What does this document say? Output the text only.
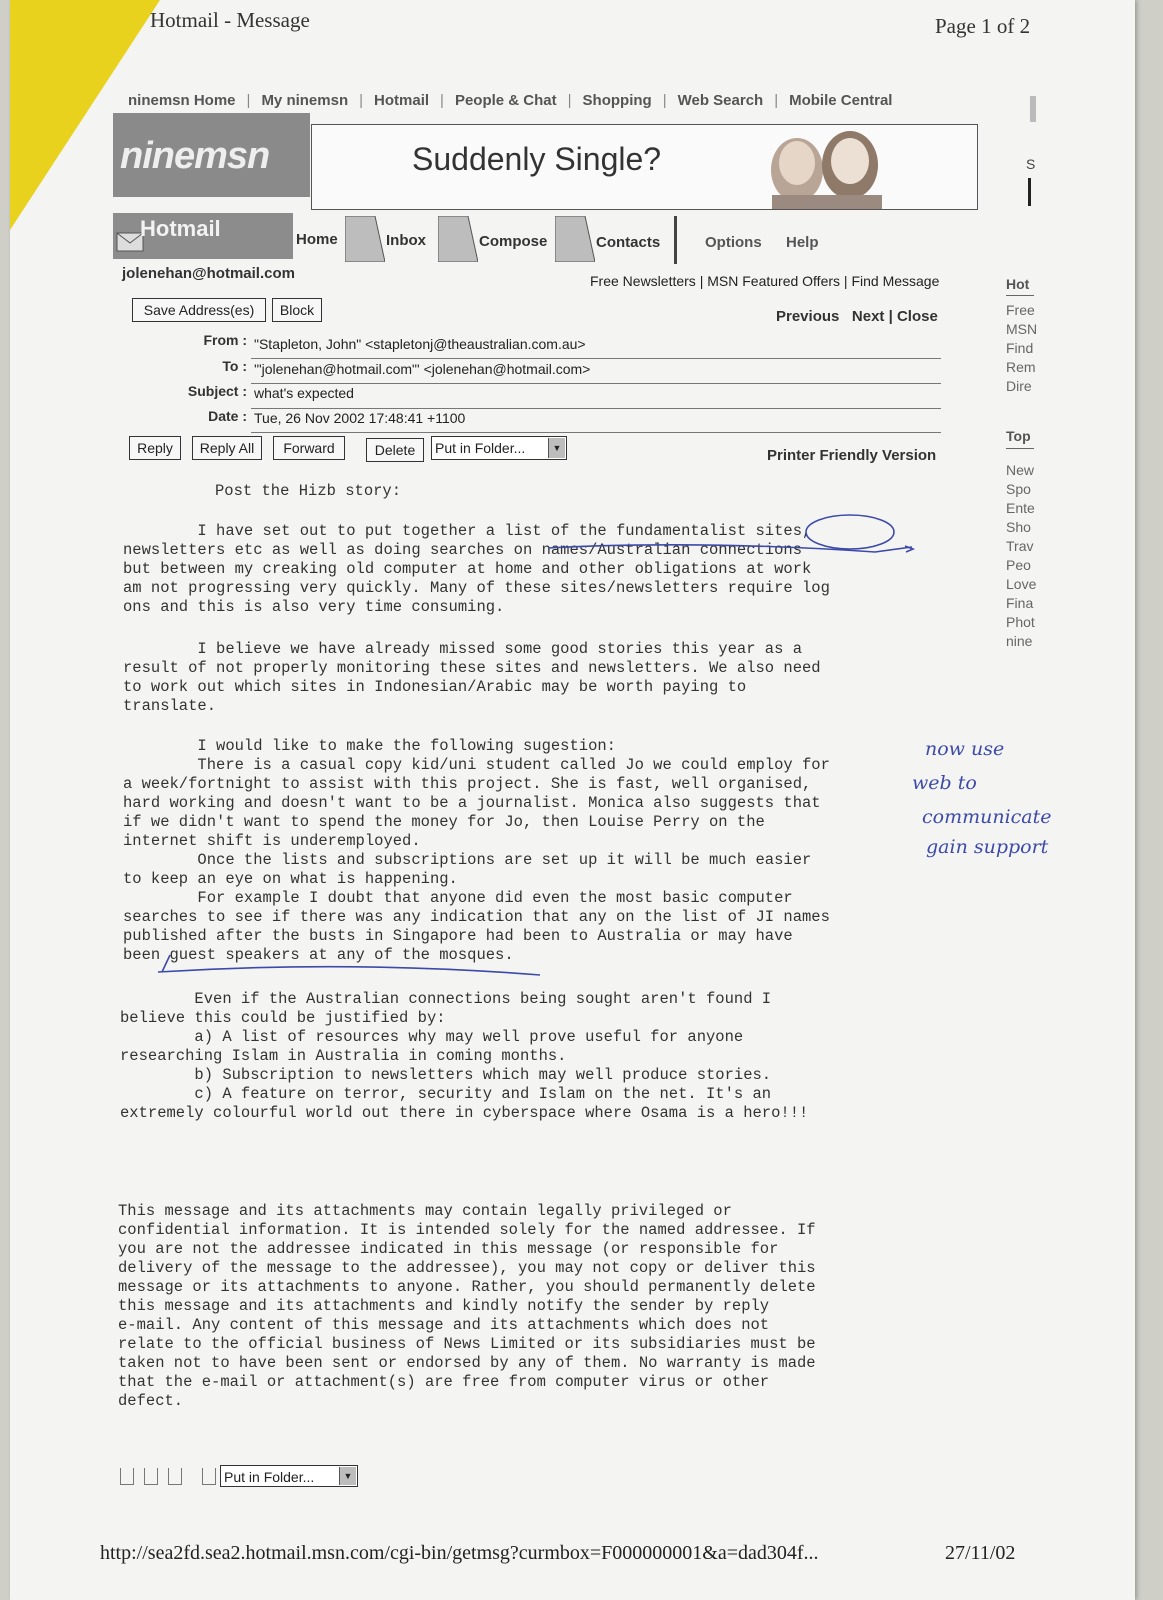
Hotmail - Message	Page 1 of 2
ninemsn Home | My ninemsn | Hotmail | People & Chat | Shopping | Web Search | Mobile Central
ninemsn	Suddenly Single?	S
Hotmail	Home	Inbox	Compose	Contacts	Options Help
jolenehan@hotmail.com	Free Newsletters | MSN Featured Offers | Find Message
Save Address(es)	Block	Previous Next | Close
From : "Stapleton, John" <stapletonj@theaustralian.com.au>
To : '"jolenehan@hotmail.com"' <jolenehan@hotmail.com>
Subject : what's expected
Date : Tue, 26 Nov 2002 17:48:41 +1100
Reply	Reply All	Forward	Delete	Put in Folder...	▼	Printer Friendly Version
Hot
Free
MSN
Find
Rem
Dire
Top
New
Spo
Ente
Sho
Trav
Peo
Love
Fina
Phot
nine
Post the Hizb story:
I have set out to put together a list of the fundamentalist sites,
newsletters etc as well as doing searches on names/Australian connections
but between my creaking old computer at home and other obligations at work
am not progressing very quickly. Many of these sites/newsletters require log
ons and this is also very time consuming.
I believe we have already missed some good stories this year as a
result of not properly monitoring these sites and newsletters. We also need
to work out which sites in Indonesian/Arabic may be worth paying to
translate.
I would like to make the following sugestion:
There is a casual copy kid/uni student called Jo we could employ for
a week/fortnight to assist with this project. She is fast, well organised,
hard working and doesn't want to be a journalist. Monica also suggests that
if we didn't want to spend the money for Jo, then Louise Perry on the
internet shift is underemployed.
Once the lists and subscriptions are set up it will be much easier
to keep an eye on what is happening.
For example I doubt that anyone did even the most basic computer
searches to see if there was any indication that any on the list of JI names
published after the busts in Singapore had been to Australia or may have
been guest speakers at any of the mosques.
Even if the Australian connections being sought aren't found I
believe this could be justified by:
a) A list of resources why may well prove useful for anyone
researching Islam in Australia in coming months.
b) Subscription to newsletters which may well produce stories.
c) A feature on terror, security and Islam on the net. It's an
extremely colourful world out there in cyberspace where Osama is a hero!!!
This message and its attachments may contain legally privileged or
confidential information. It is intended solely for the named addressee. If
you are not the addressee indicated in this message (or responsible for
delivery of the message to the addressee), you may not copy or deliver this
message or its attachments to anyone. Rather, you should permanently delete
this message and its attachments and kindly notify the sender by reply
e-mail. Any content of this message and its attachments which does not
relate to the official business of News Limited or its subsidiaries must be
taken not to have been sent or endorsed by any of them. No warranty is made
that the e-mail or attachment(s) are free from computer virus or other
defect.
now use
web to
communicate
gain support
Put in Folder...	▼
http://sea2fd.sea2.hotmail.msn.com/cgi-bin/getmsg?curmbox=F000000001&a=dad304f...	27/11/02
